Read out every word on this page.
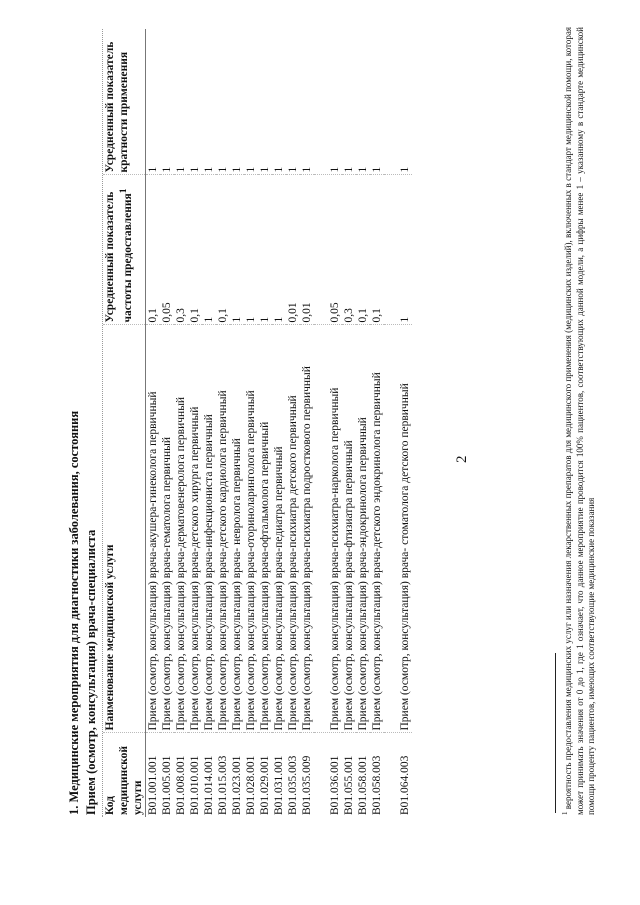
2
1. Медицинские мероприятия для диагностики заболевания, состояния Прием (осмотр, консультация) врача-специалиста Код медицинской услуги	Наименование медицинской услуги	Усредненный показатель частоты предоставления$^1$	Усредненный показатель кратности применения
B01.001.001	Прием (осмотр, консультация) врача-акушера-гинеколога первичный	0,1	1
B01.005.001	Прием (осмотр, консультация) врача-гематолога первичный	0,05	1
B01.008.001	Прием (осмотр, консультация) врача-дерматовенеролога первичный	0,3	1
B01.010.001	Прием (осмотр, консультация) врача-детского хирурга первичный	0,1	1
B01.014.001	Прием (осмотр, консультация) врача-инфекциониста первичный	1	1
B01.015.003	Прием (осмотр, консультация) врача-детского кардиолога первичный	0,1	1
B01.023.001	Прием (осмотр, консультация) врача- невролога первичный	1	1
B01.028.001	Прием (осмотр, консультация) врача-оториноларинголога первичный	1	1
B01.029.001	Прием (осмотр, консультация) врача-офтальмолога первичный	1	1
B01.031.001	Прием (осмотр, консультация) врача-педиатра первичный	1	1
B01.035.003	Прием (осмотр, консультация) врача-психиатра детского первичный	0,01	1
B01.035.009	Прием (осмотр, консультация) врача-психиатра подросткового первичный	0,01	1
B01.036.001	Прием (осмотр, консультация) врача-психиатра-нарколога первичный	0,05	1
B01.055.001	Прием (осмотр, консультация) врача-фтизиатра первичный	0,3	1
B01.058.001	Прием (осмотр, консультация) врача-эндокринолога первичный	0,1	1
B01.058.003	Прием (осмотр, консультация) врача-детского эндокринолога первичный	0,1	1
B01.064.003	Прием (осмотр, консультация) врача- стоматолога детского первичный	1	1
$^1$ вероятность предоставления медицинских услуг или назначения лекарственных препаратов для медицинского применения (медицинских изделий), включенных в стандарт медицинской помощи, которая может принимать значения от 0 до 1, где 1 означает, что данное мероприятие проводится 100% пациентов, соответствующих данной модели, а цифры менее 1 – указанному в стандарте медицинской помощи проценту пациентов, имеющих соответствующие медицинские показания
